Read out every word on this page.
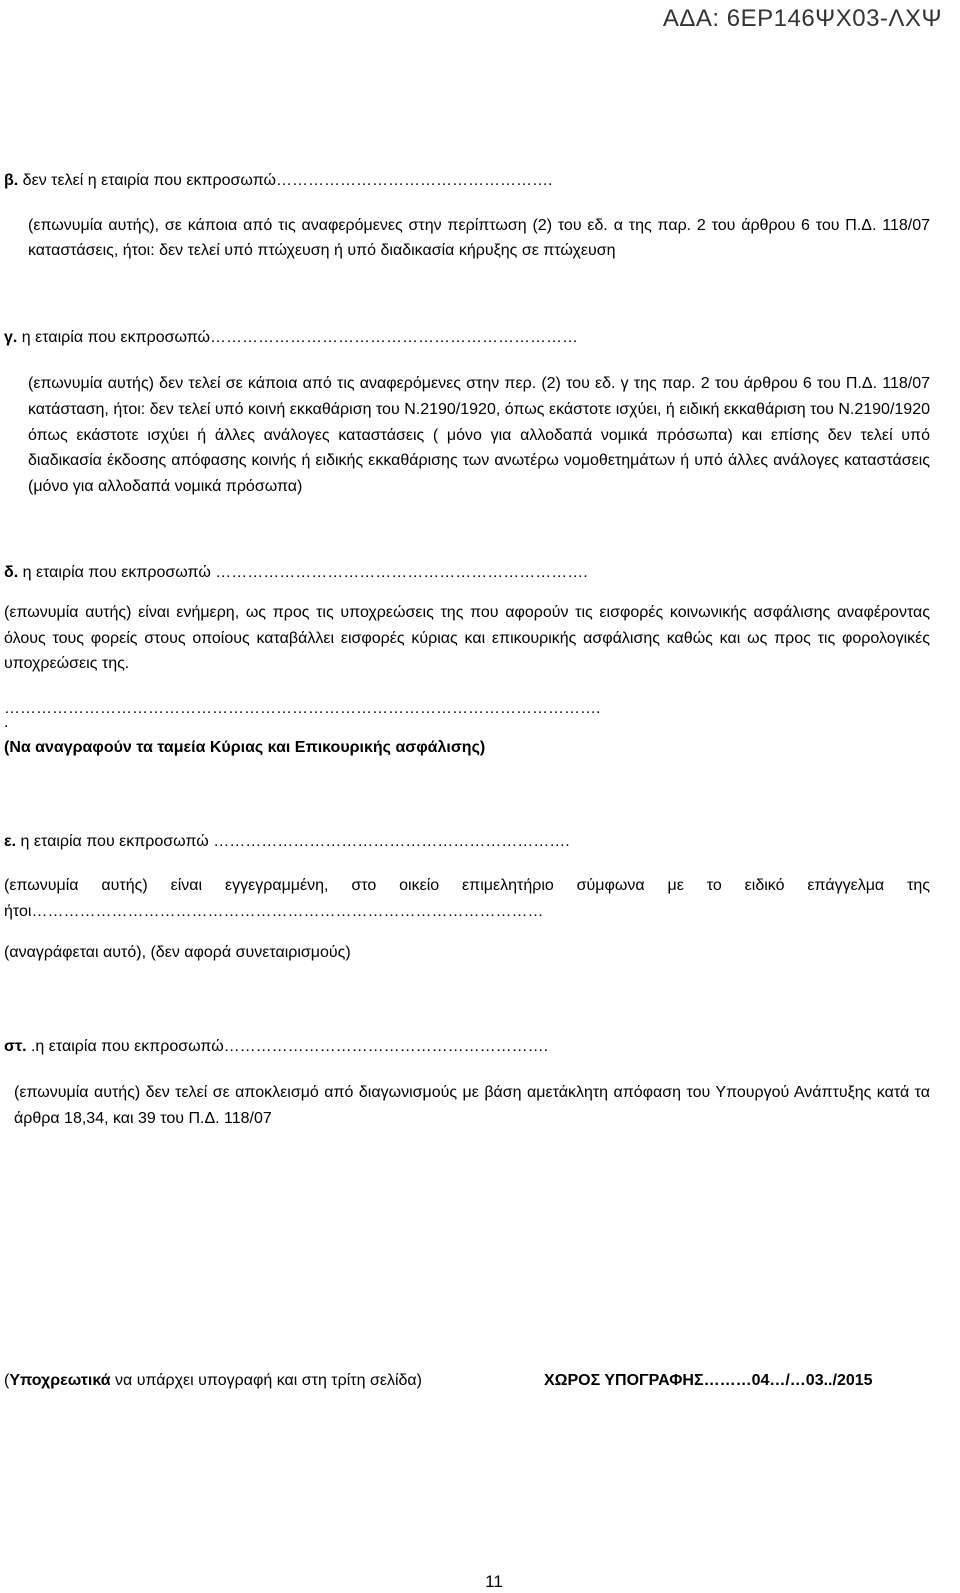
ΑΔΑ: 6ΕΡ146ΨΧ03-ΛΧΨ
β. δεν τελεί η εταιρία που εκπροσωπώ…………………………………………….
(επωνυμία αυτής), σε κάποια από τις αναφερόμενες στην περίπτωση (2) του εδ. α της παρ. 2 του άρθρου 6 του Π.Δ. 118/07 καταστάσεις, ήτοι: δεν τελεί υπό πτώχευση ή υπό διαδικασία κήρυξης σε πτώχευση
γ. η εταιρία που εκπροσωπώ……………………………………………………………
(επωνυμία αυτής) δεν τελεί σε κάποια από τις αναφερόμενες στην περ. (2) του εδ. γ της παρ. 2 του άρθρου 6 του Π.Δ. 118/07 κατάσταση, ήτοι: δεν τελεί υπό κοινή εκκαθάριση του Ν.2190/1920, όπως εκάστοτε ισχύει, ή ειδική εκκαθάριση του Ν.2190/1920 όπως εκάστοτε ισχύει ή άλλες ανάλογες καταστάσεις ( μόνο για αλλοδαπά νομικά πρόσωπα) και επίσης δεν τελεί υπό διαδικασία έκδοσης απόφασης κοινής ή ειδικής εκκαθάρισης των ανωτέρω νομοθετημάτων ή υπό άλλες ανάλογες καταστάσεις (μόνο για αλλοδαπά νομικά πρόσωπα)
δ. η εταιρία που εκπροσωπώ …………………………………………………………….
(επωνυμία αυτής) είναι ενήμερη, ως προς τις υποχρεώσεις της που αφορούν τις εισφορές κοινωνικής ασφάλισης αναφέροντας όλους τους φορείς στους οποίους καταβάλλει εισφορές κύριας και επικουρικής ασφάλισης καθώς και ως προς τις φορολογικές υποχρεώσεις της.
………………………………………………………………………………………………….
.
(Να αναγραφούν τα ταμεία Κύριας και Επικουρικής ασφάλισης)
ε. η εταιρία που εκπροσωπώ ………………………………………………………….
(επωνυμία αυτής) είναι εγγεγραμμένη, στο οικείο επιμελητήριο σύμφωνα με το ειδικό επάγγελμα της ήτοι……………………………………………………………………………………
(αναγράφεται αυτό), (δεν αφορά συνεταιρισμούς)
στ. .η εταιρία που εκπροσωπώ…………………………………………………….
(επωνυμία αυτής) δεν τελεί σε αποκλεισμό από διαγωνισμούς με βάση αμετάκλητη απόφαση του Υπουργού Ανάπτυξης κατά τα άρθρα 18,34, και 39 του Π.Δ. 118/07
(Υποχρεωτικά να υπάρχει υπογραφή και στη τρίτη σελίδα)	ΧΩΡΟΣ ΥΠΟΓΡΑΦΗΣ………04…/…03../2015
11
